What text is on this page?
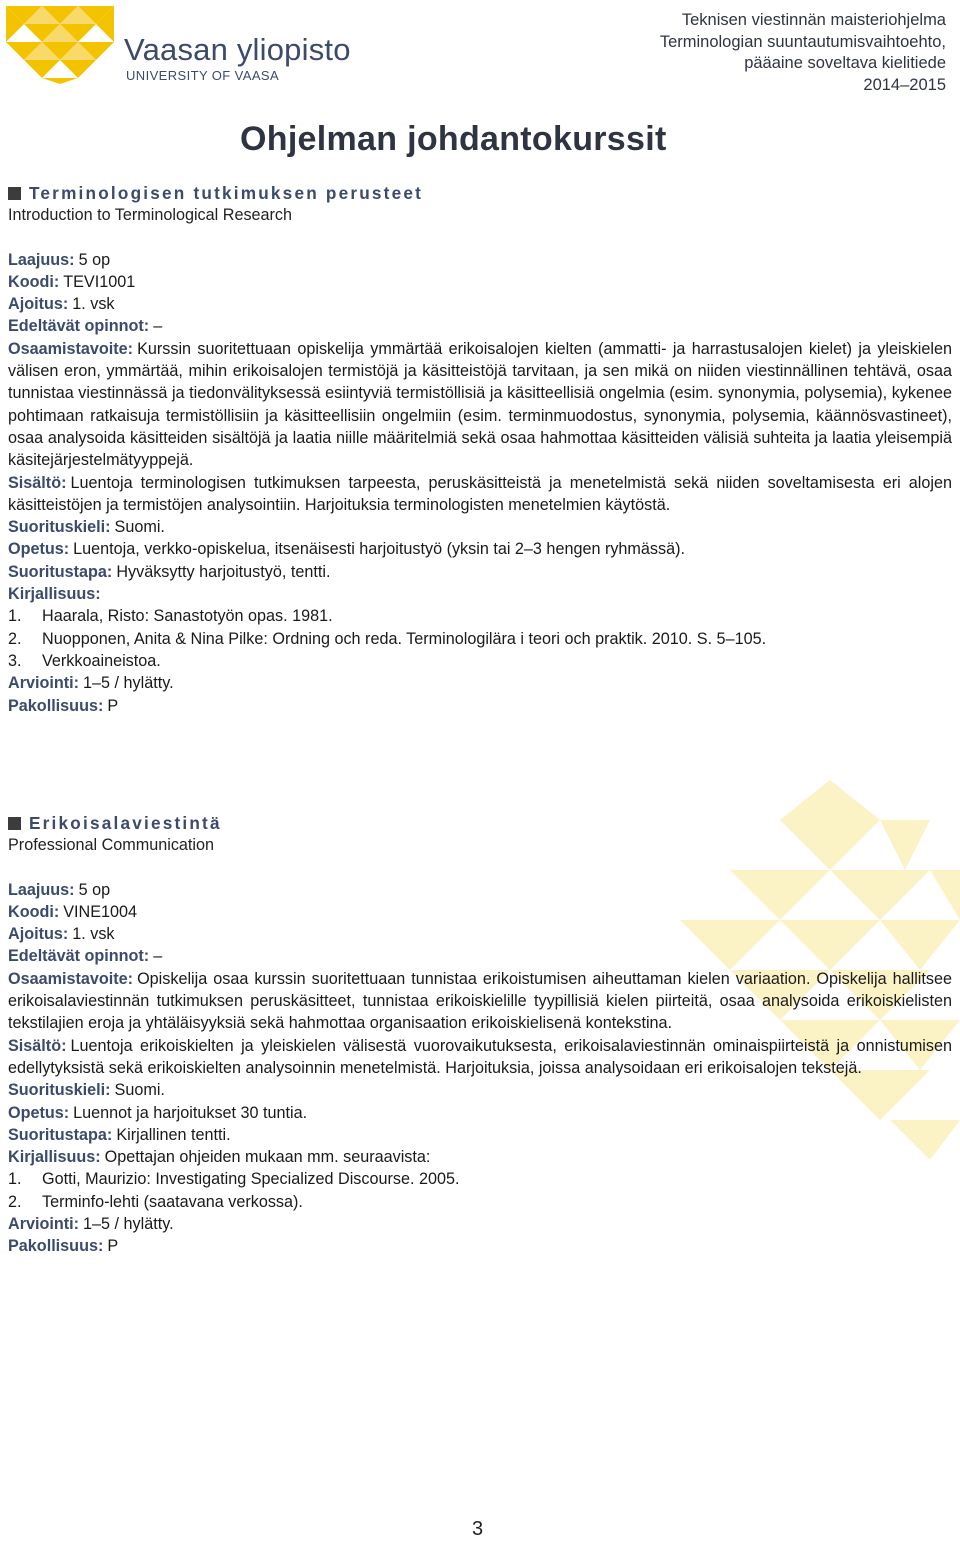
Vaasan yliopisto
UNIVERSITY OF VAASA
Teknisen viestinnän maisteriohjelma
Terminologian suuntautumisvaihtoehto,
pääaine soveltava kielitiede
2014–2015
Ohjelman johdantokurssit
Terminologisen tutkimuksen perusteet
Introduction to Terminological Research
Laajuus: 5 op
Koodi: TEVI1001
Ajoitus: 1. vsk
Edeltävät opinnot: –
Osaamistavoite: Kurssin suoritettuaan opiskelija ymmärtää erikoisalojen kielten (ammatti- ja harrastusalojen kielet) ja yleiskielen välisen eron, ymmärtää, mihin erikoisalojen termistöjä ja käsitteistöjä tarvitaan, ja sen mikä on niiden viestinnällinen tehtävä, osaa tunnistaa viestinnässä ja tiedonvälityksessä esiintyviä termistöllisiä ja käsitteellisiä ongelmia (esim. synonymia, polysemia), kykenee pohtimaan ratkaisuja termistöllisiin ja käsitteellisiin ongelmiin (esim. terminmuodostus, synonymia, polysemia, käännösvastineet), osaa analysoida käsitteiden sisältöjä ja laatia niille määritelmiä sekä osaa hahmottaa käsitteiden välisiä suhteita ja laatia yleisempiä käsitejärjestelmätyyppejä.
Sisältö: Luentoja terminologisen tutkimuksen tarpeesta, peruskäsitteistä ja menetelmistä sekä niiden soveltamisesta eri alojen käsitteistöjen ja termistöjen analysointiin. Harjoituksia terminologisten menetelmien käytöstä.
Suorituskieli: Suomi.
Opetus: Luentoja, verkko-opiskelua, itsenäisesti harjoitustyö (yksin tai 2–3 hengen ryhmässä).
Suoritustapa: Hyväksytty harjoitustyö, tentti.
Kirjallisuus:
1.	Haarala, Risto: Sanastotyön opas. 1981.
2.	Nuopponen, Anita & Nina Pilke: Ordning och reda. Terminologilära i teori och praktik. 2010. S. 5–105.
3.	Verkkoaineistoa.
Arviointi: 1–5 / hylätty.
Pakollisuus: P
Erikoisalaviestintä
Professional Communication
Laajuus: 5 op
Koodi: VINE1004
Ajoitus: 1. vsk
Edeltävät opinnot: –
Osaamistavoite: Opiskelija osaa kurssin suoritettuaan tunnistaa erikoistumisen aiheuttaman kielen variaation. Opiskelija hallitsee erikoisalaviestinnän tutkimuksen peruskäsitteet, tunnistaa erikoiskielille tyypillisiä kielen piirteitä, osaa analysoida erikoiskielisten tekstilajien eroja ja yhtäläisyyksiä sekä hahmottaa organisaation erikoiskielisenä kontekstina.
Sisältö: Luentoja erikoiskielten ja yleiskielen välisestä vuorovaikutuksesta, erikoisalaviestinnän ominaispiirteistä ja onnistumisen edellytyksistä sekä erikoiskielten analysoinnin menetelmistä. Harjoituksia, joissa analysoidaan eri erikoisalojen tekstejä.
Suorituskieli: Suomi.
Opetus: Luennot ja harjoitukset 30 tuntia.
Suoritustapa: Kirjallinen tentti.
Kirjallisuus: Opettajan ohjeiden mukaan mm. seuraavista:
1.	Gotti, Maurizio: Investigating Specialized Discourse. 2005.
2.	Terminfo-lehti (saatavana verkossa).
Arviointi: 1–5 / hylätty.
Pakollisuus: P
3
